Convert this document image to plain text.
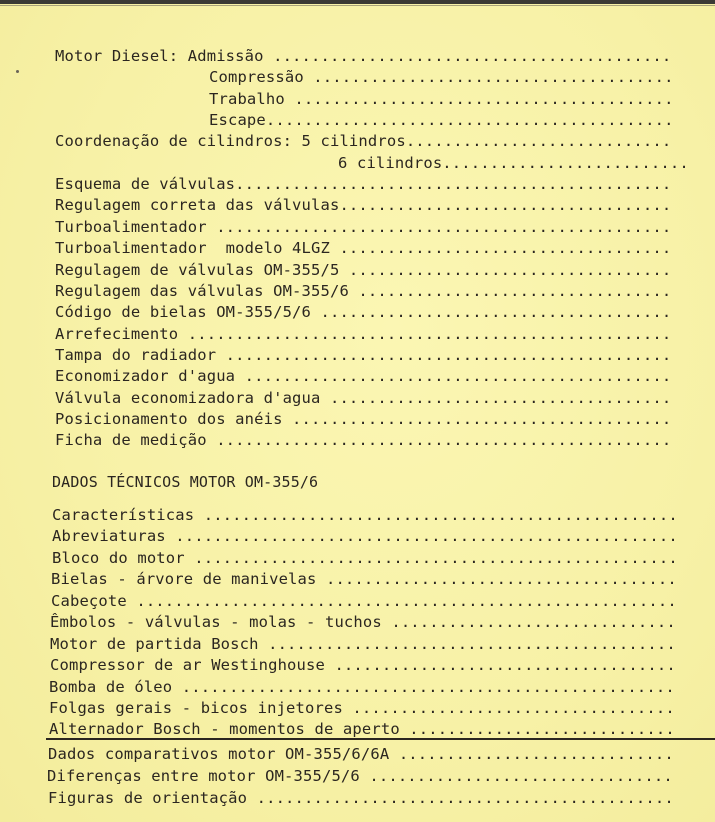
Motor Diesel: Admissão ..........................................
Compressão ......................................
Trabalho ........................................
Escape...........................................
Coordenação de cilindros: 5 cilindros............................
6 cilindros..........................
Esquema de válvulas..............................................
Regulagem correta das válvulas...................................
Turboalimentador ................................................
Turboalimentador  modelo 4LGZ ...................................
Regulagem de válvulas OM-355/5 ..................................
Regulagem das válvulas OM-355/6 .................................
Código de bielas OM-355/5/6 .....................................
Arrefecimento ...................................................
Tampa do radiador ...............................................
Economizador d'agua .............................................
Válvula economizadora d'agua ....................................
Posicionamento dos anéis ........................................
Ficha de medição ................................................
DADOS TÉCNICOS MOTOR OM-355/6
Características ..................................................
Abreviaturas .....................................................
Bloco do motor ...................................................
Bielas - árvore de manivelas .....................................
Cabeçote .........................................................
Êmbolos - válvulas - molas - tuchos ..............................
Motor de partida Bosch ...........................................
Compressor de ar Westinghouse ....................................
Bomba de óleo ....................................................
Folgas gerais - bicos injetores ..................................
Alternador Bosch - momentos de aperto ............................
Dados comparativos motor OM-355/6/6A .............................
Diferenças entre motor OM-355/5/6 ................................
Figuras de orientação ............................................
